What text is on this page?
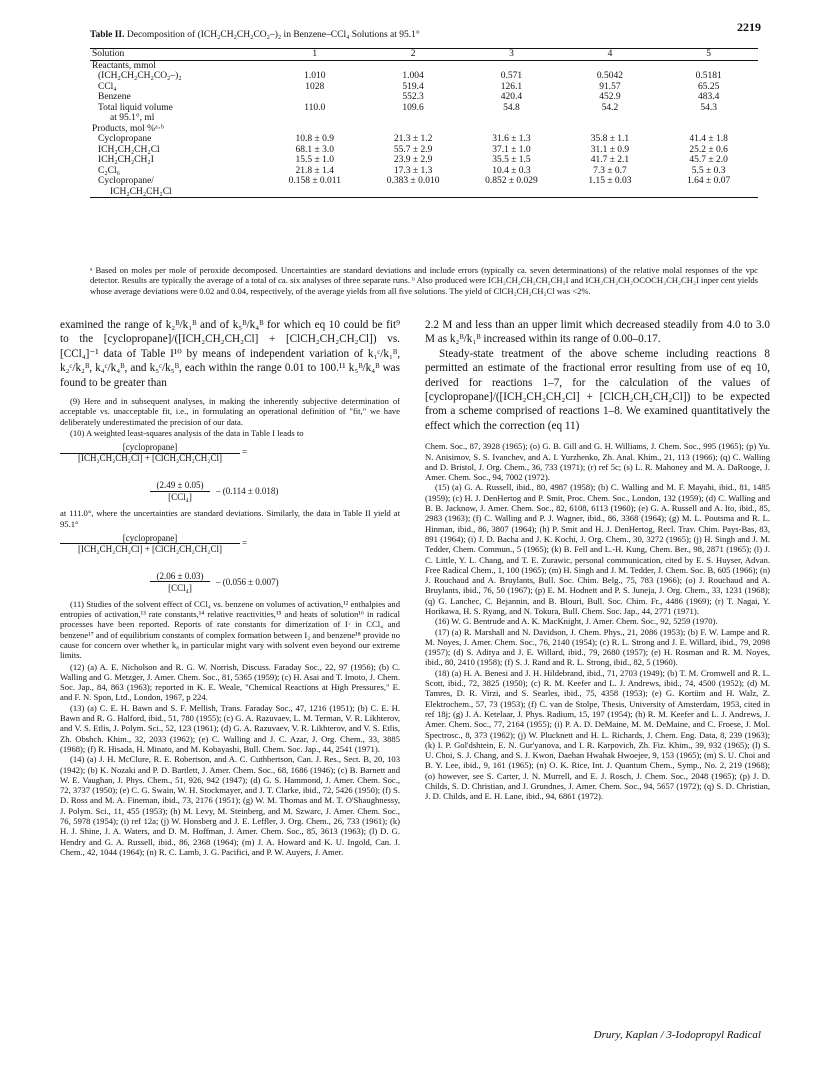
2219
Table II. Decomposition of (ICH₂CH₂CH₂CO₂–)₂ in Benzene–CCl₄ Solutions at 95.1°
Solution	1	2	3	4	5
Reactants, mmol					
(ICH₂CH₂CH₂CO₂–)₂	1.010	1.004	0.571	0.5042	0.5181
CCl₄	1028	519.4	126.1	91.57	65.25
Benzene		552.3	420.4	452.9	483.4
Total liquid volume	110.0	109.6	54.8	54.2	54.3
at 95.1°, ml					
Products, mol %ᵃ·ᵇ					
Cyclopropane	10.8 ± 0.9	21.3 ± 1.2	31.6 ± 1.3	35.8 ± 1.1	41.4 ± 1.8
ICH₂CH₂CH₂Cl	68.1 ± 3.0	55.7 ± 2.9	37.1 ± 1.0	31.1 ± 0.9	25.2 ± 0.6
ICH₂CH₂CH₂I	15.5 ± 1.0	23.9 ± 2.9	35.5 ± 1.5	41.7 ± 2.1	45.7 ± 2.0
C₂Cl₆	21.8 ± 1.4	17.3 ± 1.3	10.4 ± 0.3	7.3 ± 0.7	5.5 ± 0.3
Cyclopropane/	0.158 ± 0.011	0.383 ± 0.010	0.852 ± 0.029	1.15 ± 0.03	1.64 ± 0.07
ICH₂CH₂CH₂Cl					
ᵃ Based on moles per mole of peroxide decomposed. Uncertainties are standard deviations and include errors (typically ca. seven determinations) of the relative molal responses of the vpc detector. Results are typically the average of a total of ca. six analyses of three separate runs. ᵇ Also produced were ICH₂CH₂CH₂CH₂CH₂I and ICH₂CH₂CH₂OCOCH₂CH₂CH₂I inper cent yields whose average deviations were 0.02 and 0.04, respectively, of the average yields from all five solutions. The yield of ClCH₂CH₂CH₂Cl was <2%.

examined the range of k₂ᴮ/k₁ᴮ and of k₅ᴮ/k₄ᴮ for which eq 10 could be fit⁹ to the [cyclopropane]/([ICH₂CH₂CH₂Cl] + [ClCH₂CH₂CH₂Cl]) vs. [CCl₄]⁻¹ data of Table I¹⁰ by means of independent variation of k₁ᶜ/k₁ᴮ, k₂ᶜ/k₂ᴮ, k₄ᶜ/k₄ᴮ, and k₅ᶜ/k₅ᴮ, each within the range 0.01 to 100.¹¹ k₅ᴮ/k₄ᴮ was found to be greater than

(9) Here and in subsequent analyses, in making the inherently subjective determination of acceptable vs. unacceptable fit, i.e., in formulating an operational definition of "fit," we have deliberately underestimated the precision of our data.

(10) A weighted least-squares analysis of the data in Table I leads to

[cyclopropane]
[ICH₂CH₂CH₂Cl] + [ClCH₂CH₂CH₂Cl]
=
(2.49 ± 0.05)
[CCl₄]
– (0.114 ± 0.018)

at 111.0°, where the uncertainties are standard deviations. Similarly, the data in Table II yield at 95.1°

[cyclopropane]
[ICH₂CH₂CH₂Cl] + [ClCH₂CH₂CH₂Cl]
=
(2.06 ± 0.03)
[CCl₄]
– (0.056 ± 0.007)

(11) Studies of the solvent effect of CCl₄ vs. benzene on volumes of activation,¹² enthalpies and entropies of activation,¹³ rate constants,¹⁴ relative reactivities,¹⁵ and heats of solution¹⁶ in radical processes have been reported. Reports of rate constants for dimerization of I· in CCl₄ and benzene¹⁷ and of equilibrium constants of complex formation between I₂ and benzene¹⁸ provide no cause for concern over whether k₈ in particular might vary with solvent even beyond our extreme limits.

(12) (a) A. E. Nicholson and R. G. W. Norrish, Discuss. Faraday Soc., 22, 97 (1956); (b) C. Walling and G. Metzger, J. Amer. Chem. Soc., 81, 5365 (1959); (c) H. Asai and T. Imoto, J. Chem. Soc. Jap., 84, 863 (1963); reported in K. E. Weale, "Chemical Reactions at High Pressures," E. and F. N. Spon, Ltd., London, 1967, p 224.

(13) (a) C. E. H. Bawn and S. F. Mellish, Trans. Faraday Soc., 47, 1216 (1951); (b) C. E. H. Bawn and R. G. Halford, ibid., 51, 780 (1955); (c) G. A. Razuvaev, L. M. Terman, V. R. Likhterov, and V. S. Etlis, J. Polym. Sci., 52, 123 (1961); (d) G. A. Razuvaev, V. R. Likhterov, and V. S. Etlis, Zh. Obshch. Khim., 32, 2033 (1962); (e) C. Walling and J. C. Azar, J. Org. Chem., 33, 3885 (1968); (f) R. Hisada, H. Minato, and M. Kobayashi, Bull. Chem. Soc. Jap., 44, 2541 (1971).

(14) (a) J. H. McClure, R. E. Robertson, and A. C. Cuthbertson, Can. J. Res., Sect. B, 20, 103 (1942); (b) K. Nozaki and P. D. Bartlett, J. Amer. Chem. Soc., 68, 1686 (1946); (c) B. Barnett and W. E. Vaughan, J. Phys. Chem., 51, 926, 942 (1947); (d) G. S. Hammond, J. Amer. Chem. Soc., 72, 3737 (1950); (e) C. G. Swain, W. H. Stockmayer, and J. T. Clarke, ibid., 72, 5426 (1950); (f) S. D. Ross and M. A. Fineman, ibid., 73, 2176 (1951); (g) W. M. Thomas and M. T. O'Shaughnessy, J. Polym. Sci., 11, 455 (1953); (h) M. Levy, M. Steinberg, and M. Szwarc, J. Amer. Chem. Soc., 76, 5978 (1954); (i) ref 12a; (j) W. Honsberg and J. E. Leffler, J. Org. Chem., 26, 733 (1961); (k) H. J. Shine, J. A. Waters, and D. M. Hoffman, J. Amer. Chem. Soc., 85, 3613 (1963); (l) D. G. Hendry and G. A. Russell, ibid., 86, 2368 (1964); (m) J. A. Howard and K. U. Ingold, Can. J. Chem., 42, 1044 (1964); (n) R. C. Lamb, J. G. Pacifici, and P. W. Auyers, J. Amer.

2.2 M and less than an upper limit which decreased steadily from 4.0 to 3.0 M as k₂ᴮ/k₁ᴮ increased within its range of 0.00–0.17.

Steady-state treatment of the above scheme including reactions 8 permitted an estimate of the fractional error resulting from use of eq 10, derived for reactions 1–7, for the calculation of the values of [cyclopropane]/([ICH₂CH₂CH₂Cl] + [ClCH₂CH₂CH₂Cl]) to be expected from a scheme comprised of reactions 1–8. We examined quantitatively the effect which the correction (eq 11)

Chem. Soc., 87, 3928 (1965); (o) G. B. Gill and G. H. Williams, J. Chem. Soc., 995 (1965); (p) Yu. N. Anisimov, S. S. Ivanchev, and A. I. Yurzhenko, Zh. Anal. Khim., 21, 113 (1966); (q) C. Walling and D. Bristol, J. Org. Chem., 36, 733 (1971); (r) ref 5c; (s) L. R. Mahoney and M. A. DaRooge, J. Amer. Chem. Soc., 94, 7002 (1972).

(15) (a) G. A. Russell, ibid., 80, 4987 (1958); (b) C. Walling and M. F. Mayahi, ibid., 81, 1485 (1959); (c) H. J. DenHertog and P. Smit, Proc. Chem. Soc., London, 132 (1959); (d) C. Walling and B. B. Jacknow, J. Amer. Chem. Soc., 82, 6108, 6113 (1960); (e) G. A. Russell and A. Ito, ibid., 85, 2983 (1963); (f) C. Walling and P. J. Wagner, ibid., 86, 3368 (1964); (g) M. L. Poutsma and R. L. Hinman, ibid., 86, 3807 (1964); (h) P. Smit and H. J. DenHertog, Recl. Trav. Chim. Pays-Bas, 83, 891 (1964); (i) J. D. Bacha and J. K. Kochi, J. Org. Chem., 30, 3272 (1965); (j) H. Singh and J. M. Tedder, Chem. Commun., 5 (1965); (k) B. Fell and L.-H. Kung, Chem. Ber., 98, 2871 (1965); (l) J. C. Little, Y. L. Chang, and T. E. Zurawic, personal communication, cited by E. S. Huyser, Advan. Free Radical Chem., 1, 100 (1965); (m) H. Singh and J. M. Tedder, J. Chem. Soc. B, 605 (1966); (n) J. Rouchaud and A. Bruylants, Bull. Soc. Chim. Belg., 75, 783 (1966); (o) J. Rouchaud and A. Bruylants, ibid., 76, 50 (1967); (p) E. M. Hodnett and P. S. Juneja, J. Org. Chem., 33, 1231 (1968); (q) G. Lanchec, C. Bejannin, and B. Blouri, Bull. Soc. Chim. Fr., 4486 (1969); (r) T. Nagai, Y. Horikawa, H. S. Ryang, and N. Tokura, Bull. Chem. Soc. Jap., 44, 2771 (1971).

(16) W. G. Bentrude and A. K. MacKnight, J. Amer. Chem. Soc., 92, 5259 (1970).

(17) (a) R. Marshall and N. Davidson, J. Chem. Phys., 21, 2086 (1953); (b) F. W. Lampe and R. M. Noyes, J. Amer. Chem. Soc., 76, 2140 (1954); (c) R. L. Strong and J. E. Willard, ibid., 79, 2098 (1957); (d) S. Aditya and J. E. Willard, ibid., 79, 2680 (1957); (e) H. Rosman and R. M. Noyes, ibid., 80, 2410 (1958); (f) S. J. Rand and R. L. Strong, ibid., 82, 5 (1960).

(18) (a) H. A. Benesi and J. H. Hildebrand, ibid., 71, 2703 (1949); (b) T. M. Cromwell and R. L. Scott, ibid., 72, 3825 (1950); (c) R. M. Keefer and L. J. Andrews, ibid., 74, 4500 (1952); (d) M. Tamres, D. R. Virzi, and S. Searles, ibid., 75, 4358 (1953); (e) G. Kortüm and H. Walz, Z. Elektrochem., 57, 73 (1953); (f) C. van de Stolpe, Thesis, University of Amsterdam, 1953, cited in ref 18j; (g) J. A. Ketelaar, J. Phys. Radium, 15, 197 (1954); (h) R. M. Keefer and L. J. Andrews, J. Amer. Chem. Soc., 77, 2164 (1955); (i) P. A. D. DeMaine, M. M. DeMaine, and C. Froese, J. Mol. Spectrosc., 8, 373 (1962); (j) W. Plucknett and H. L. Richards, J. Chem. Eng. Data, 8, 239 (1963); (k) I. P. Gol'dshtein, E. N. Gur'yanova, and I. R. Karpovich, Zh. Fiz. Khim., 39, 932 (1965); (l) S. U. Choi, S. J. Chang, and S. J. Kwon, Daehan Hwahak Hwoejee, 9, 153 (1965); (m) S. U. Choi and B. Y. Lee, ibid., 9, 161 (1965); (n) O. K. Rice, Int. J. Quantum Chem., Symp., No. 2, 219 (1968); (o) however, see S. Carter, J. N. Murrell, and E. J. Rosch, J. Chem. Soc., 2048 (1965); (p) J. D. Childs, S. D. Christian, and J. Grundnes, J. Amer. Chem. Soc., 94, 5657 (1972); (q) S. D. Christian, J. D. Childs, and E. H. Lane, ibid., 94, 6861 (1972).

Drury, Kaplan / 3-Iodopropyl Radical
